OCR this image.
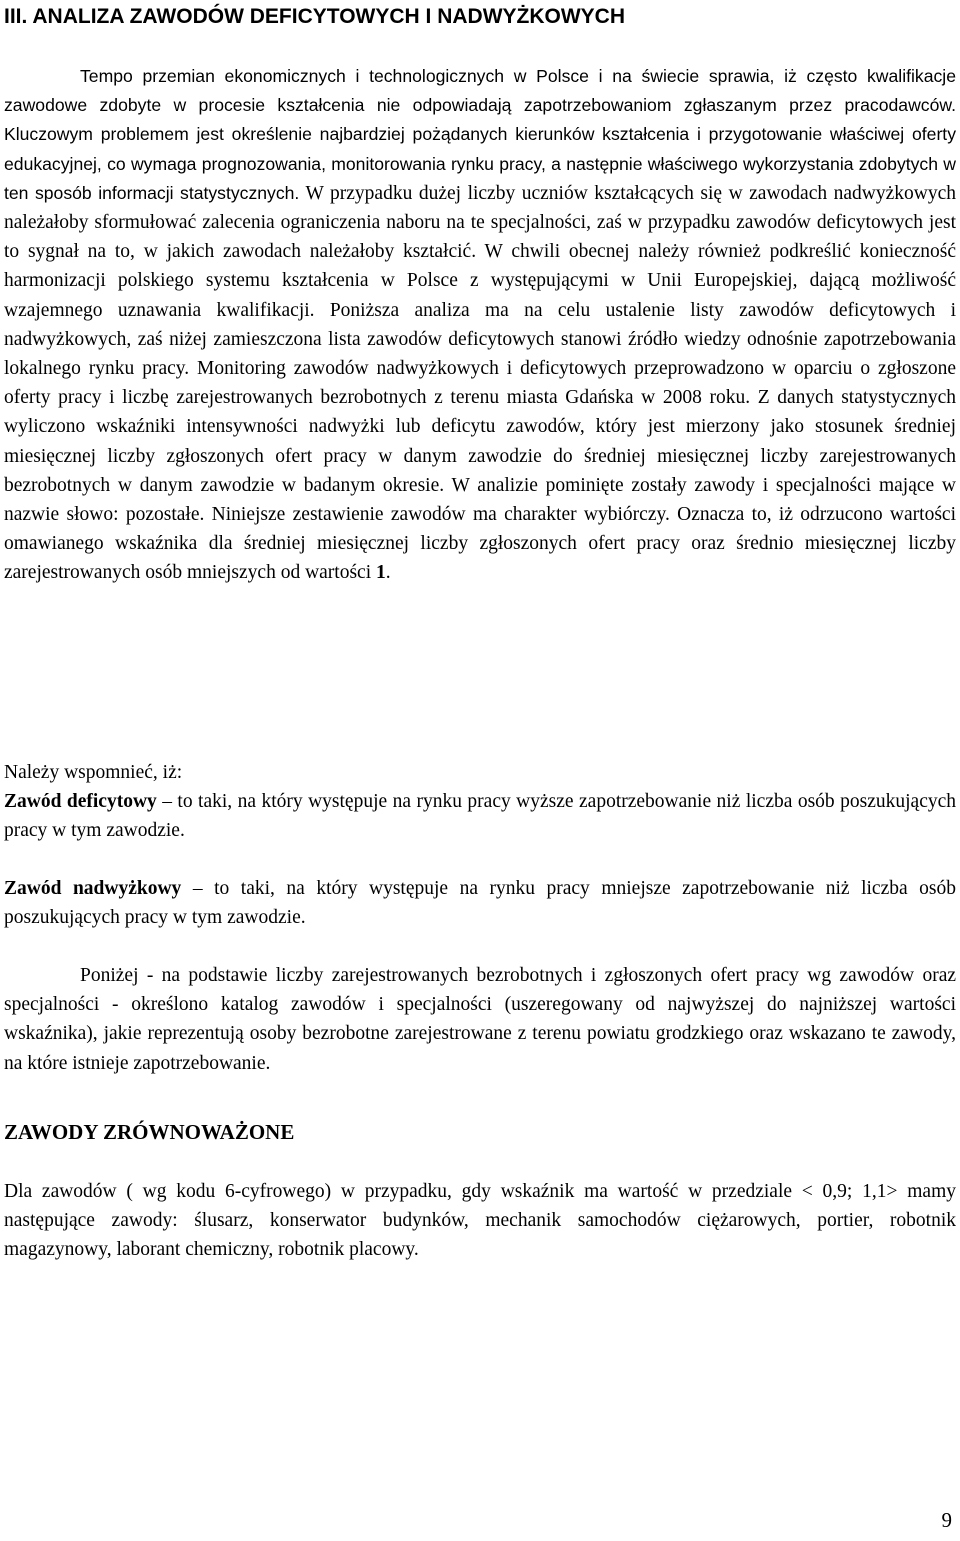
III. ANALIZA ZAWODÓW DEFICYTOWYCH I NADWYŻKOWYCH

Tempo przemian ekonomicznych i technologicznych w Polsce i na świecie sprawia, iż często kwalifikacje zawodowe zdobyte w procesie kształcenia nie odpowiadają zapotrzebowaniom zgłaszanym przez pracodawców. Kluczowym problemem jest określenie najbardziej pożądanych kierunków kształcenia i przygotowanie właściwej oferty edukacyjnej, co wymaga prognozowania, monitorowania rynku pracy, a następnie właściwego wykorzystania zdobytych w ten sposób informacji statystycznych. W przypadku dużej liczby uczniów kształcących się w zawodach nadwyżkowych należałoby sformułować zalecenia ograniczenia naboru na te specjalności, zaś w przypadku zawodów deficytowych jest to sygnał na to, w jakich zawodach należałoby kształcić. W chwili obecnej należy również podkreślić konieczność harmonizacji polskiego systemu kształcenia w Polsce z występującymi w Unii Europejskiej, dającą możliwość wzajemnego uznawania kwalifikacji. Poniższa analiza ma na celu ustalenie listy zawodów deficytowych i nadwyżkowych, zaś niżej zamieszczona lista zawodów deficytowych stanowi źródło wiedzy odnośnie zapotrzebowania lokalnego rynku pracy. Monitoring zawodów nadwyżkowych i deficytowych przeprowadzono w oparciu o zgłoszone oferty pracy i liczbę zarejestrowanych bezrobotnych z terenu miasta Gdańska w 2008 roku. Z danych statystycznych wyliczono wskaźniki intensywności nadwyżki lub deficytu zawodów, który jest mierzony jako stosunek średniej miesięcznej liczby zgłoszonych ofert pracy w danym zawodzie do średniej miesięcznej liczby zarejestrowanych bezrobotnych w danym zawodzie w badanym okresie. W analizie pominięte zostały zawody i specjalności mające w nazwie słowo: pozostałe. Niniejsze zestawienie zawodów ma charakter wybiórczy. Oznacza to, iż odrzucono wartości omawianego wskaźnika dla średniej miesięcznej liczby zgłoszonych ofert pracy oraz średnio miesięcznej liczby zarejestrowanych osób mniejszych od wartości 1.

Należy wspomnieć, iż:

Zawód deficytowy – to taki, na który występuje na rynku pracy wyższe zapotrzebowanie niż liczba osób poszukujących pracy w tym zawodzie.

Zawód nadwyżkowy – to taki, na który występuje na rynku pracy mniejsze zapotrzebowanie niż liczba osób poszukujących pracy w tym zawodzie.

Poniżej - na podstawie liczby zarejestrowanych bezrobotnych i zgłoszonych ofert pracy wg zawodów oraz specjalności - określono katalog zawodów i specjalności (uszeregowany od najwyższej do najniższej wartości wskaźnika), jakie reprezentują osoby bezrobotne zarejestrowane z terenu powiatu grodzkiego oraz wskazano te zawody, na które istnieje zapotrzebowanie.

ZAWODY ZRÓWNOWAŻONE

Dla zawodów ( wg kodu 6-cyfrowego) w przypadku, gdy wskaźnik ma wartość w przedziale < 0,9; 1,1> mamy następujące zawody: ślusarz, konserwator budynków, mechanik samochodów ciężarowych, portier, robotnik magazynowy, laborant chemiczny, robotnik placowy.

9
